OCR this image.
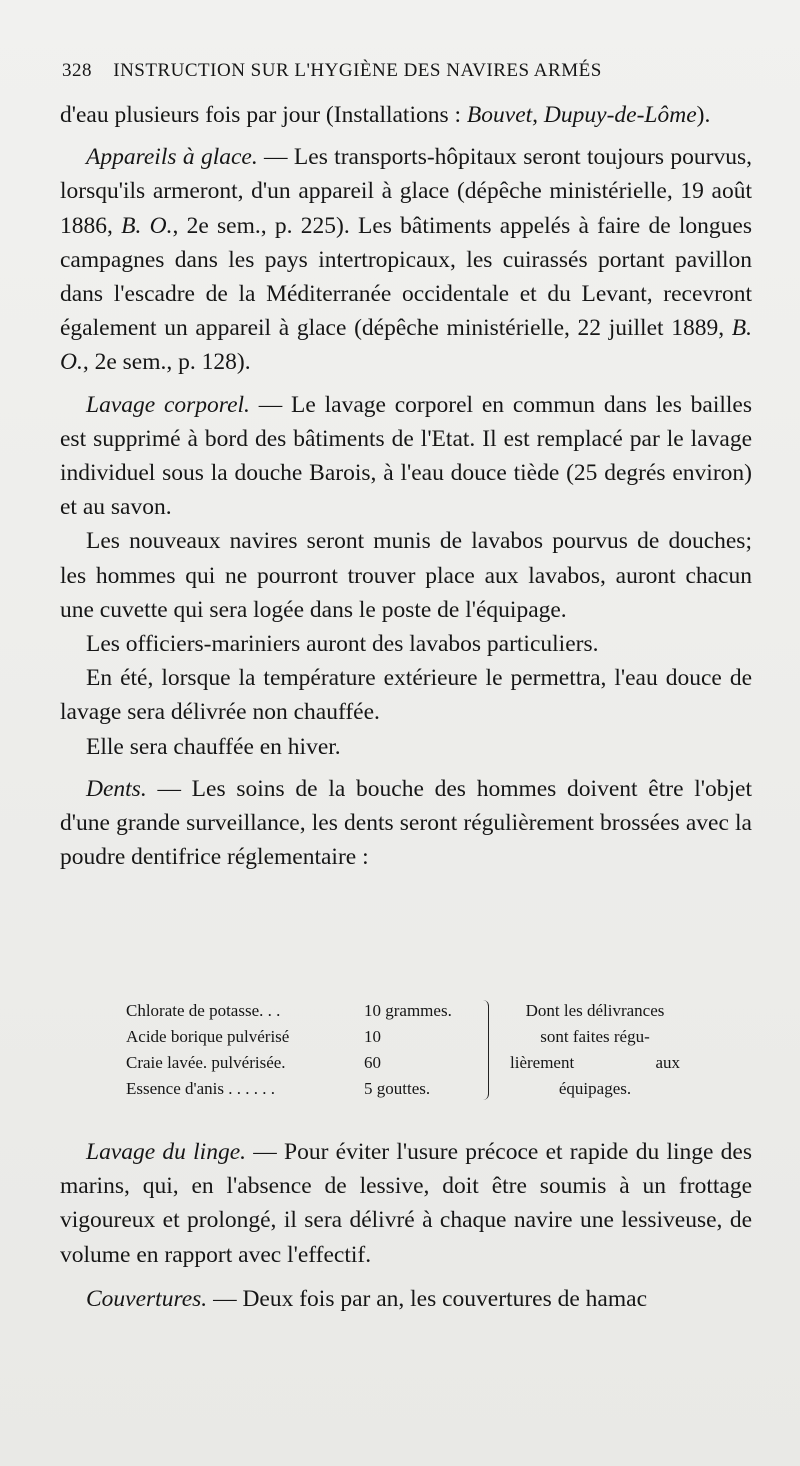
328 INSTRUCTION SUR L'HYGIÈNE DES NAVIRES ARMÉS

d'eau plusieurs fois par jour (Installations : Bouvet, Dupuy-de-Lôme).

Appareils à glace. — Les transports-hôpitaux seront toujours pourvus, lorsqu'ils armeront, d'un appareil à glace (dépêche ministérielle, 19 août 1886, B. O., 2e sem., p. 225). Les bâtiments appelés à faire de longues campagnes dans les pays intertropicaux, les cuirassés portant pavillon dans l'escadre de la Méditerranée occidentale et du Levant, recevront également un appareil à glace (dépêche ministérielle, 22 juillet 1889, B. O., 2e sem., p. 128).

Lavage corporel. — Le lavage corporel en commun dans les bailles est supprimé à bord des bâtiments de l'Etat. Il est remplacé par le lavage individuel sous la douche Barois, à l'eau douce tiède (25 degrés environ) et au savon.

Les nouveaux navires seront munis de lavabos pourvus de douches; les hommes qui ne pourront trouver place aux lavabos, auront chacun une cuvette qui sera logée dans le poste de l'équipage.

Les officiers-mariniers auront des lavabos particuliers.

En été, lorsque la température extérieure le permettra, l'eau douce de lavage sera délivrée non chauffée.

Elle sera chauffée en hiver.

Dents. — Les soins de la bouche des hommes doivent être l'objet d'une grande surveillance, les dents seront régulièrement brossées avec la poudre dentifrice réglementaire :

Chlorate de potasse. . .	10 grammes.
Acide borique pulvérisé	10
Craie lavée. pulvérisée.	60
Essence d'anis . . . . . .	5 gouttes.
Dont les délivrances
sont faites régu-
lièrement aux
équipages.

Lavage du linge. — Pour éviter l'usure précoce et rapide du linge des marins, qui, en l'absence de lessive, doit être soumis à un frottage vigoureux et prolongé, il sera délivré à chaque navire une lessiveuse, de volume en rapport avec l'effectif.

Couvertures. — Deux fois par an, les couvertures de hamac
